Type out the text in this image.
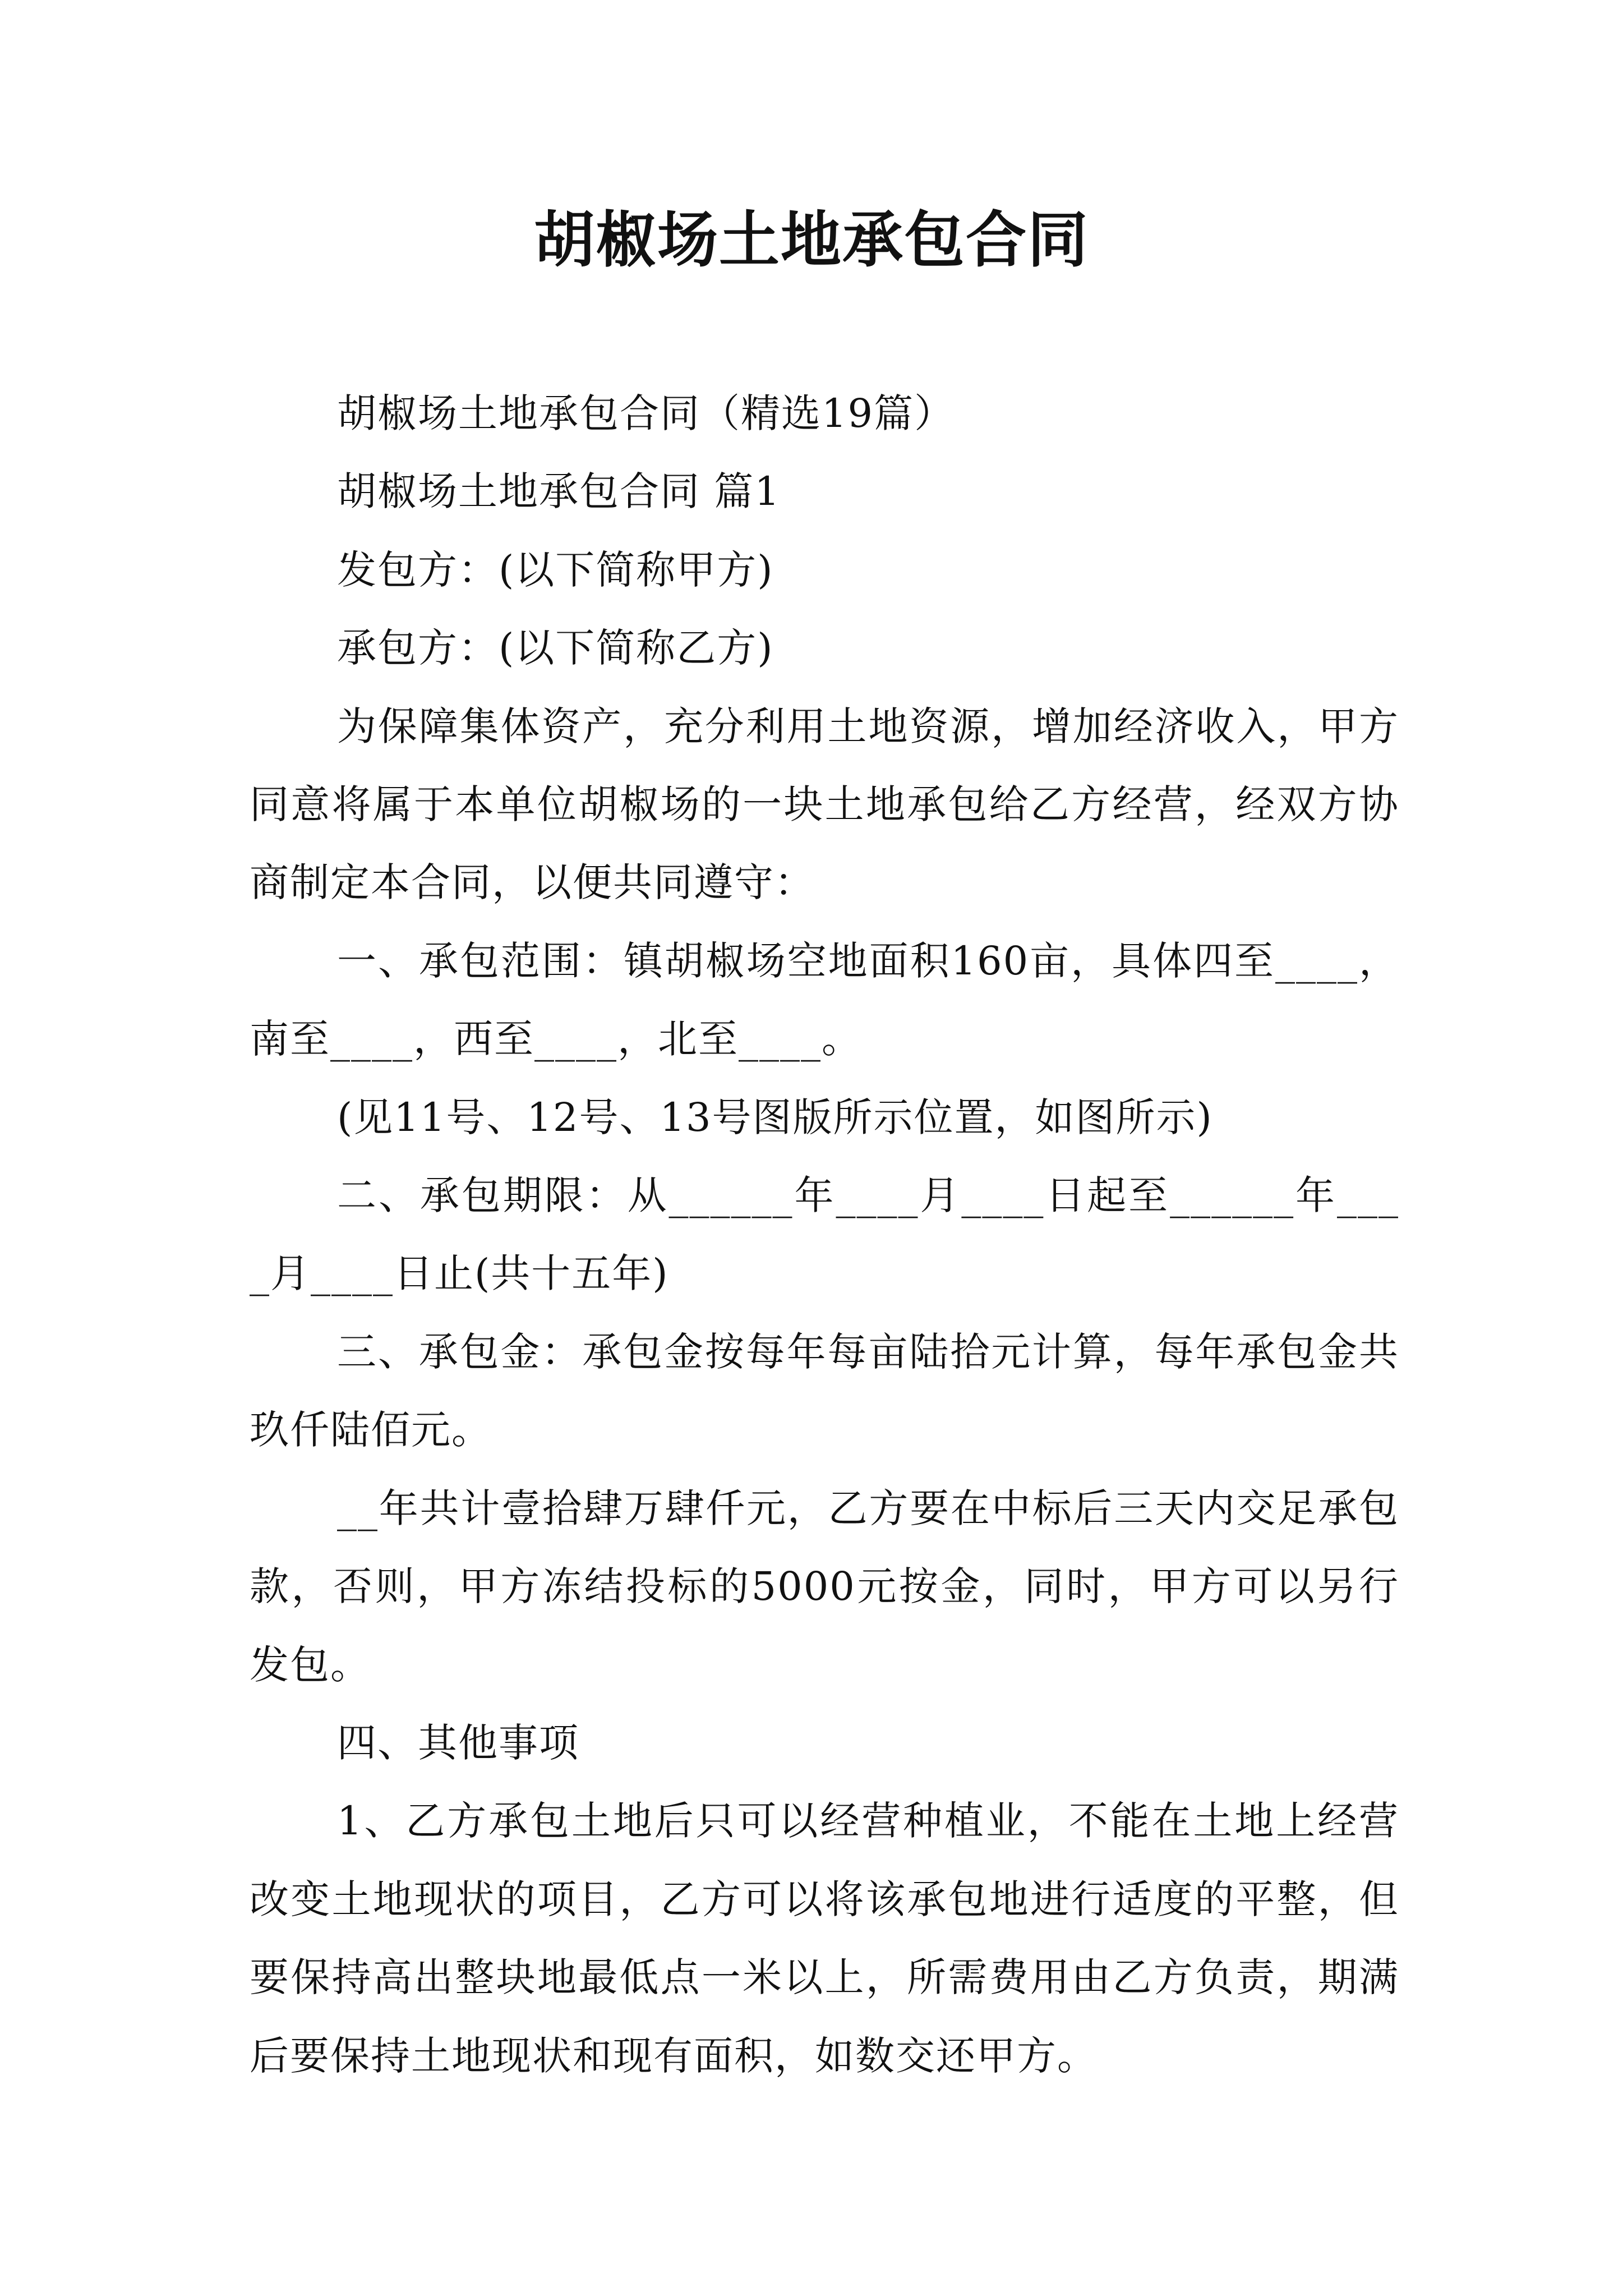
胡椒场土地承包合同

胡椒场土地承包合同（精选19篇）

胡椒场土地承包合同 篇1

发包方：(以下简称甲方)

承包方：(以下简称乙方)

为保障集体资产，充分利用土地资源，增加经济收入，甲方同意将属于本单位胡椒场的一块土地承包给乙方经营，经双方协商制定本合同，以便共同遵守：

一、承包范围：镇胡椒场空地面积160亩，具体四至____，南至____，西至____，北至____。

(见11号、12号、13号图版所示位置，如图所示)

二、承包期限：从______年____月____日起至______年____月____日止(共十五年)

三、承包金：承包金按每年每亩陆拾元计算，每年承包金共玖仟陆佰元。

__年共计壹拾肆万肆仟元，乙方要在中标后三天内交足承包款，否则，甲方冻结投标的5000元按金，同时，甲方可以另行发包。

四、其他事项

1、乙方承包土地后只可以经营种植业，不能在土地上经营改变土地现状的项目，乙方可以将该承包地进行适度的平整，但要保持高出整块地最低点一米以上，所需费用由乙方负责，期满后要保持土地现状和现有面积，如数交还甲方。
